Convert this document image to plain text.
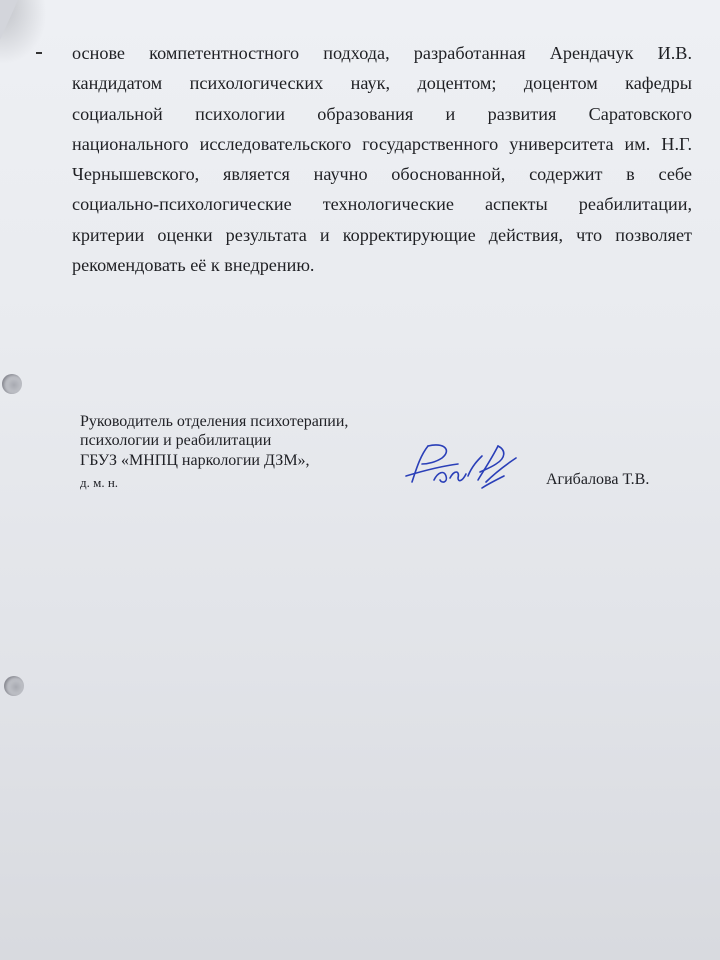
основе компетентностного подхода, разработанная Арендачук И.В.
кандидатом психологических наук, доцентом; доцентом кафедры
социальной психологии образования и развития Саратовского
национального исследовательского государственного университета им. Н.Г.
Чернышевского, является научно обоснованной, содержит в себе
социально-психологические технологические аспекты реабилитации,
критерии оценки результата и корректирующие действия, что позволяет
рекомендовать её к внедрению.

Руководитель отделения психотерапии,
психологии и реабилитации
ГБУЗ «МНПЦ наркологии ДЗМ»,
д. м. н.	Агибалова Т.В.
